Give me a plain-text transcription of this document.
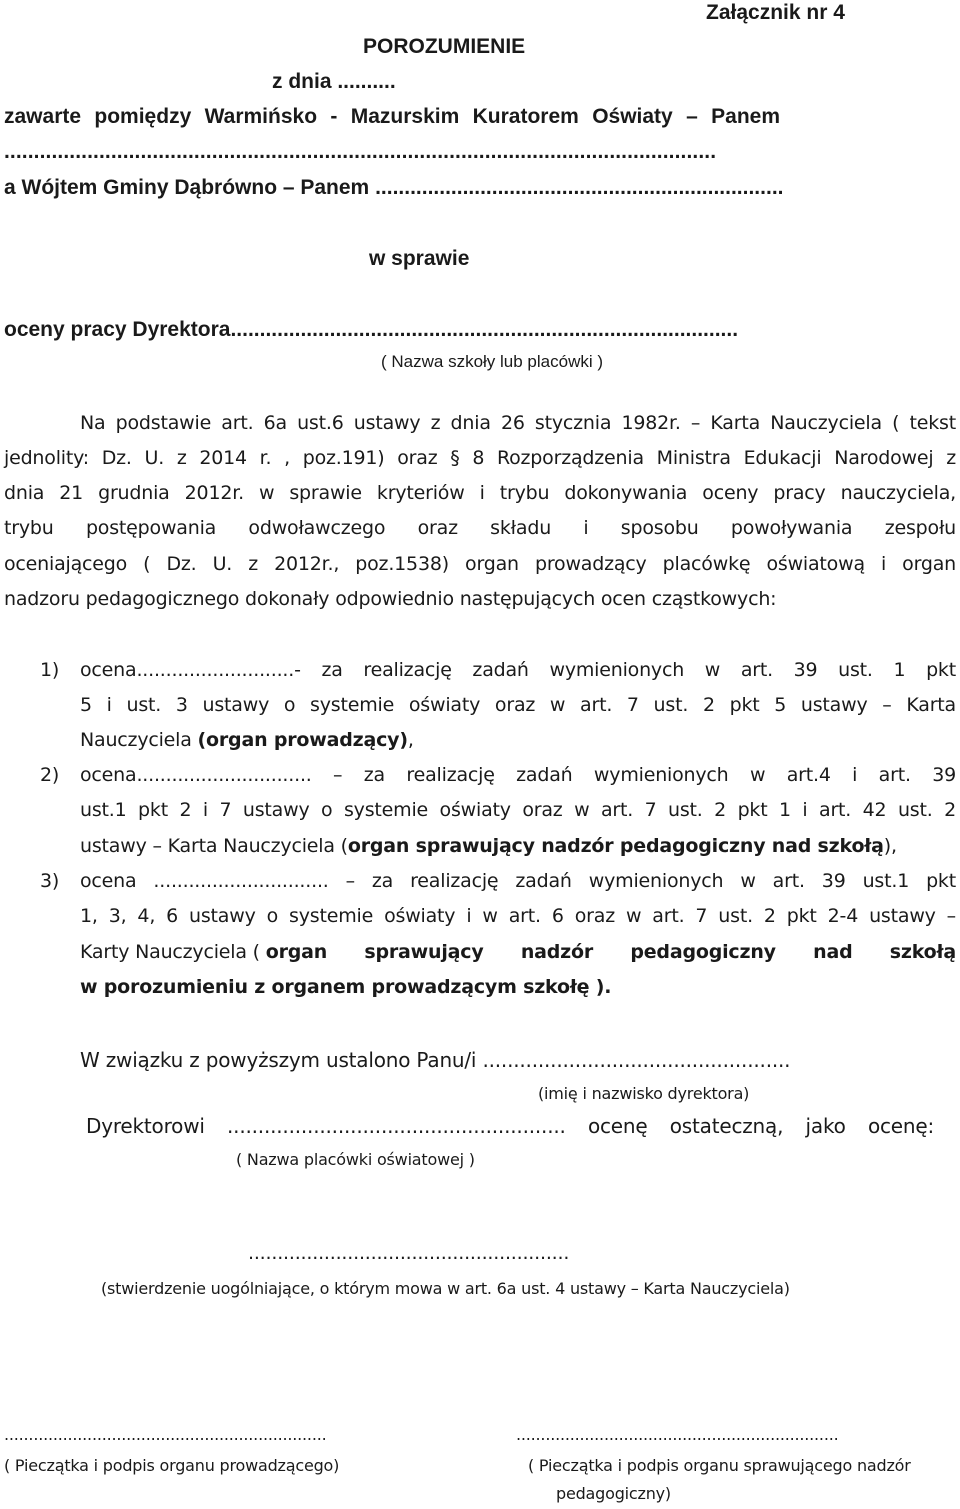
Załącznik nr 4
POROZUMIENIE
z dnia ..........
zawarte pomiędzy Warmińsko - Mazurskim Kuratorem Oświaty – Panem
........................................................................................................................
a Wójtem Gminy Dąbrówno – Panem ......................................................................
w sprawie
oceny pracy Dyrektora.......................................................................................
( Nazwa szkoły lub placówki )
Na podstawie art. 6a ust.6 ustawy z dnia 26 stycznia 1982r. – Karta Nauczyciela ( tekst
jednolity: Dz. U. z 2014 r. , poz.191) oraz § 8 Rozporządzenia Ministra Edukacji Narodowej z
dnia 21 grudnia 2012r. w sprawie kryteriów i trybu dokonywania oceny pracy nauczyciela,
trybu postępowania odwoławczego oraz składu i sposobu powoływania zespołu
oceniającego ( Dz. U. z 2012r., poz.1538) organ prowadzący placówkę oświatową i organ
nadzoru pedagogicznego dokonały odpowiednio następujących ocen cząstkowych:
1) ocena...........................- za realizację zadań wymienionych w art. 39 ust. 1 pkt
5 i ust. 3 ustawy o systemie oświaty oraz w art. 7 ust. 2 pkt 5 ustawy – Karta
Nauczyciela (organ prowadzący),
2) ocena.............................. – za realizację zadań wymienionych w art.4 i art. 39
ust.1 pkt 2 i 7 ustawy o systemie oświaty oraz w art. 7 ust. 2 pkt 1 i art. 42 ust. 2
ustawy – Karta Nauczyciela (organ sprawujący nadzór pedagogiczny nad szkołą),
3) ocena .............................. – za realizację zadań wymienionych w art. 39 ust.1 pkt
1, 3, 4, 6 ustawy o systemie oświaty i w art. 6 oraz w art. 7 ust. 2 pkt 2-4 ustawy –
Karty Nauczyciela ( organ sprawujący nadzór pedagogiczny nad szkołą
w porozumieniu z organem prowadzącym szkołę ).
W związku z powyższym ustalono Panu/i ..................................................
(imię i nazwisko dyrektora)
Dyrektorowi ....................................................... ocenę ostateczną, jako ocenę:
( Nazwa placówki oświatowej )
.......................................................
(stwierdzenie uogólniające, o którym mowa w art. 6a ust. 4 ustawy – Karta Nauczyciela)
..................................................................
( Pieczątka i podpis organu prowadzącego)
..................................................................
( Pieczątka i podpis organu sprawującego nadzór
pedagogiczny)
